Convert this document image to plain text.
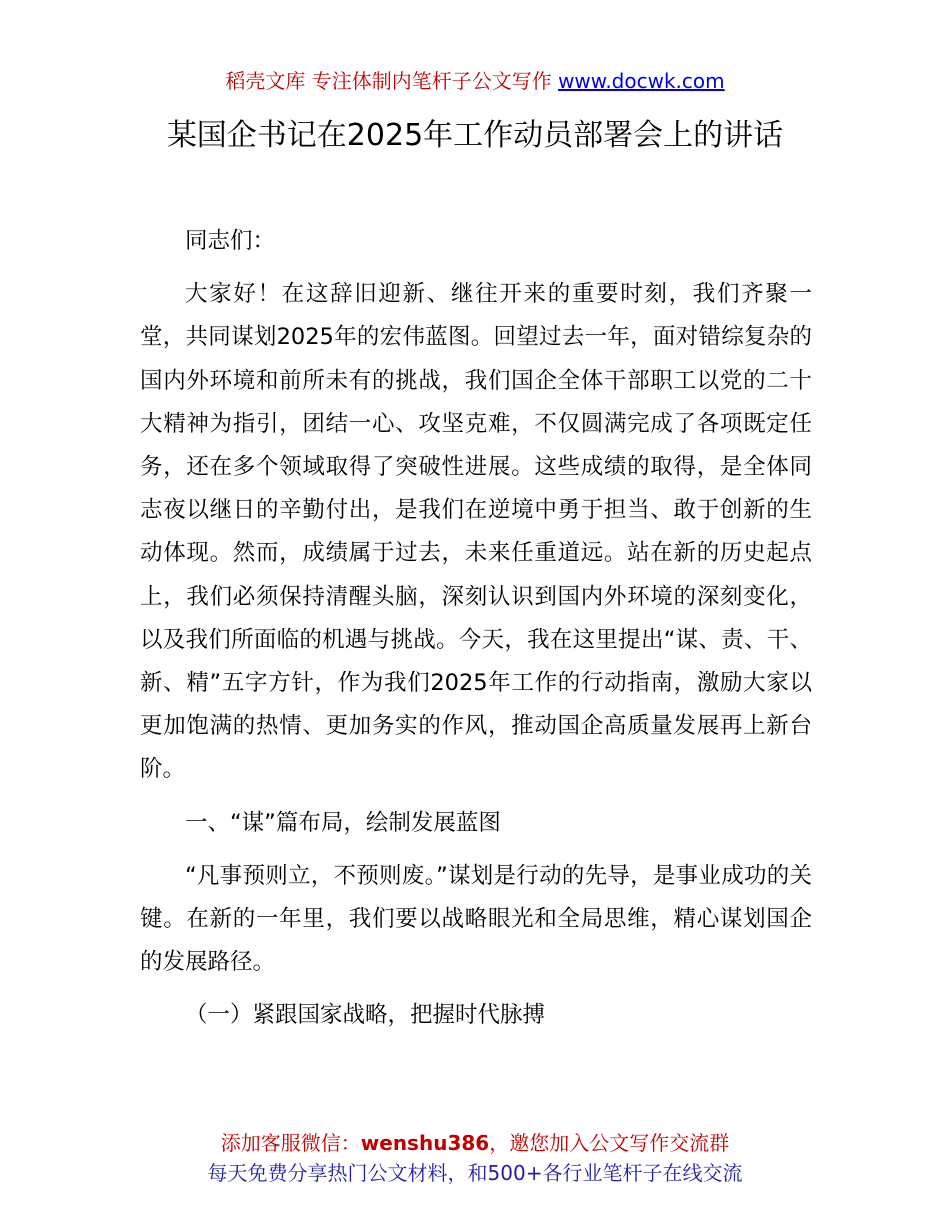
稻壳文库 专注体制内笔杆子公文写作 www.docwk.com
某国企书记在2025年工作动员部署会上的讲话

同志们：

大家好！在这辞旧迎新、继往开来的重要时刻，我们齐聚一堂，共同谋划2025年的宏伟蓝图。回望过去一年，面对错综复杂的国内外环境和前所未有的挑战，我们国企全体干部职工以党的二十大精神为指引，团结一心、攻坚克难，不仅圆满完成了各项既定任务，还在多个领域取得了突破性进展。这些成绩的取得，是全体同志夜以继日的辛勤付出，是我们在逆境中勇于担当、敢于创新的生动体现。然而，成绩属于过去，未来任重道远。站在新的历史起点上，我们必须保持清醒头脑，深刻认识到国内外环境的深刻变化，以及我们所面临的机遇与挑战。今天，我在这里提出“谋、责、干、新、精”五字方针，作为我们2025年工作的行动指南，激励大家以更加饱满的热情、更加务实的作风，推动国企高质量发展再上新台阶。

一、“谋”篇布局，绘制发展蓝图

“凡事预则立，不预则废。”谋划是行动的先导，是事业成功的关键。在新的一年里，我们要以战略眼光和全局思维，精心谋划国企的发展路径。

（一）紧跟国家战略，把握时代脉搏

添加客服微信：wenshu386，邀您加入公文写作交流群
每天免费分享热门公文材料，和500+各行业笔杆子在线交流
